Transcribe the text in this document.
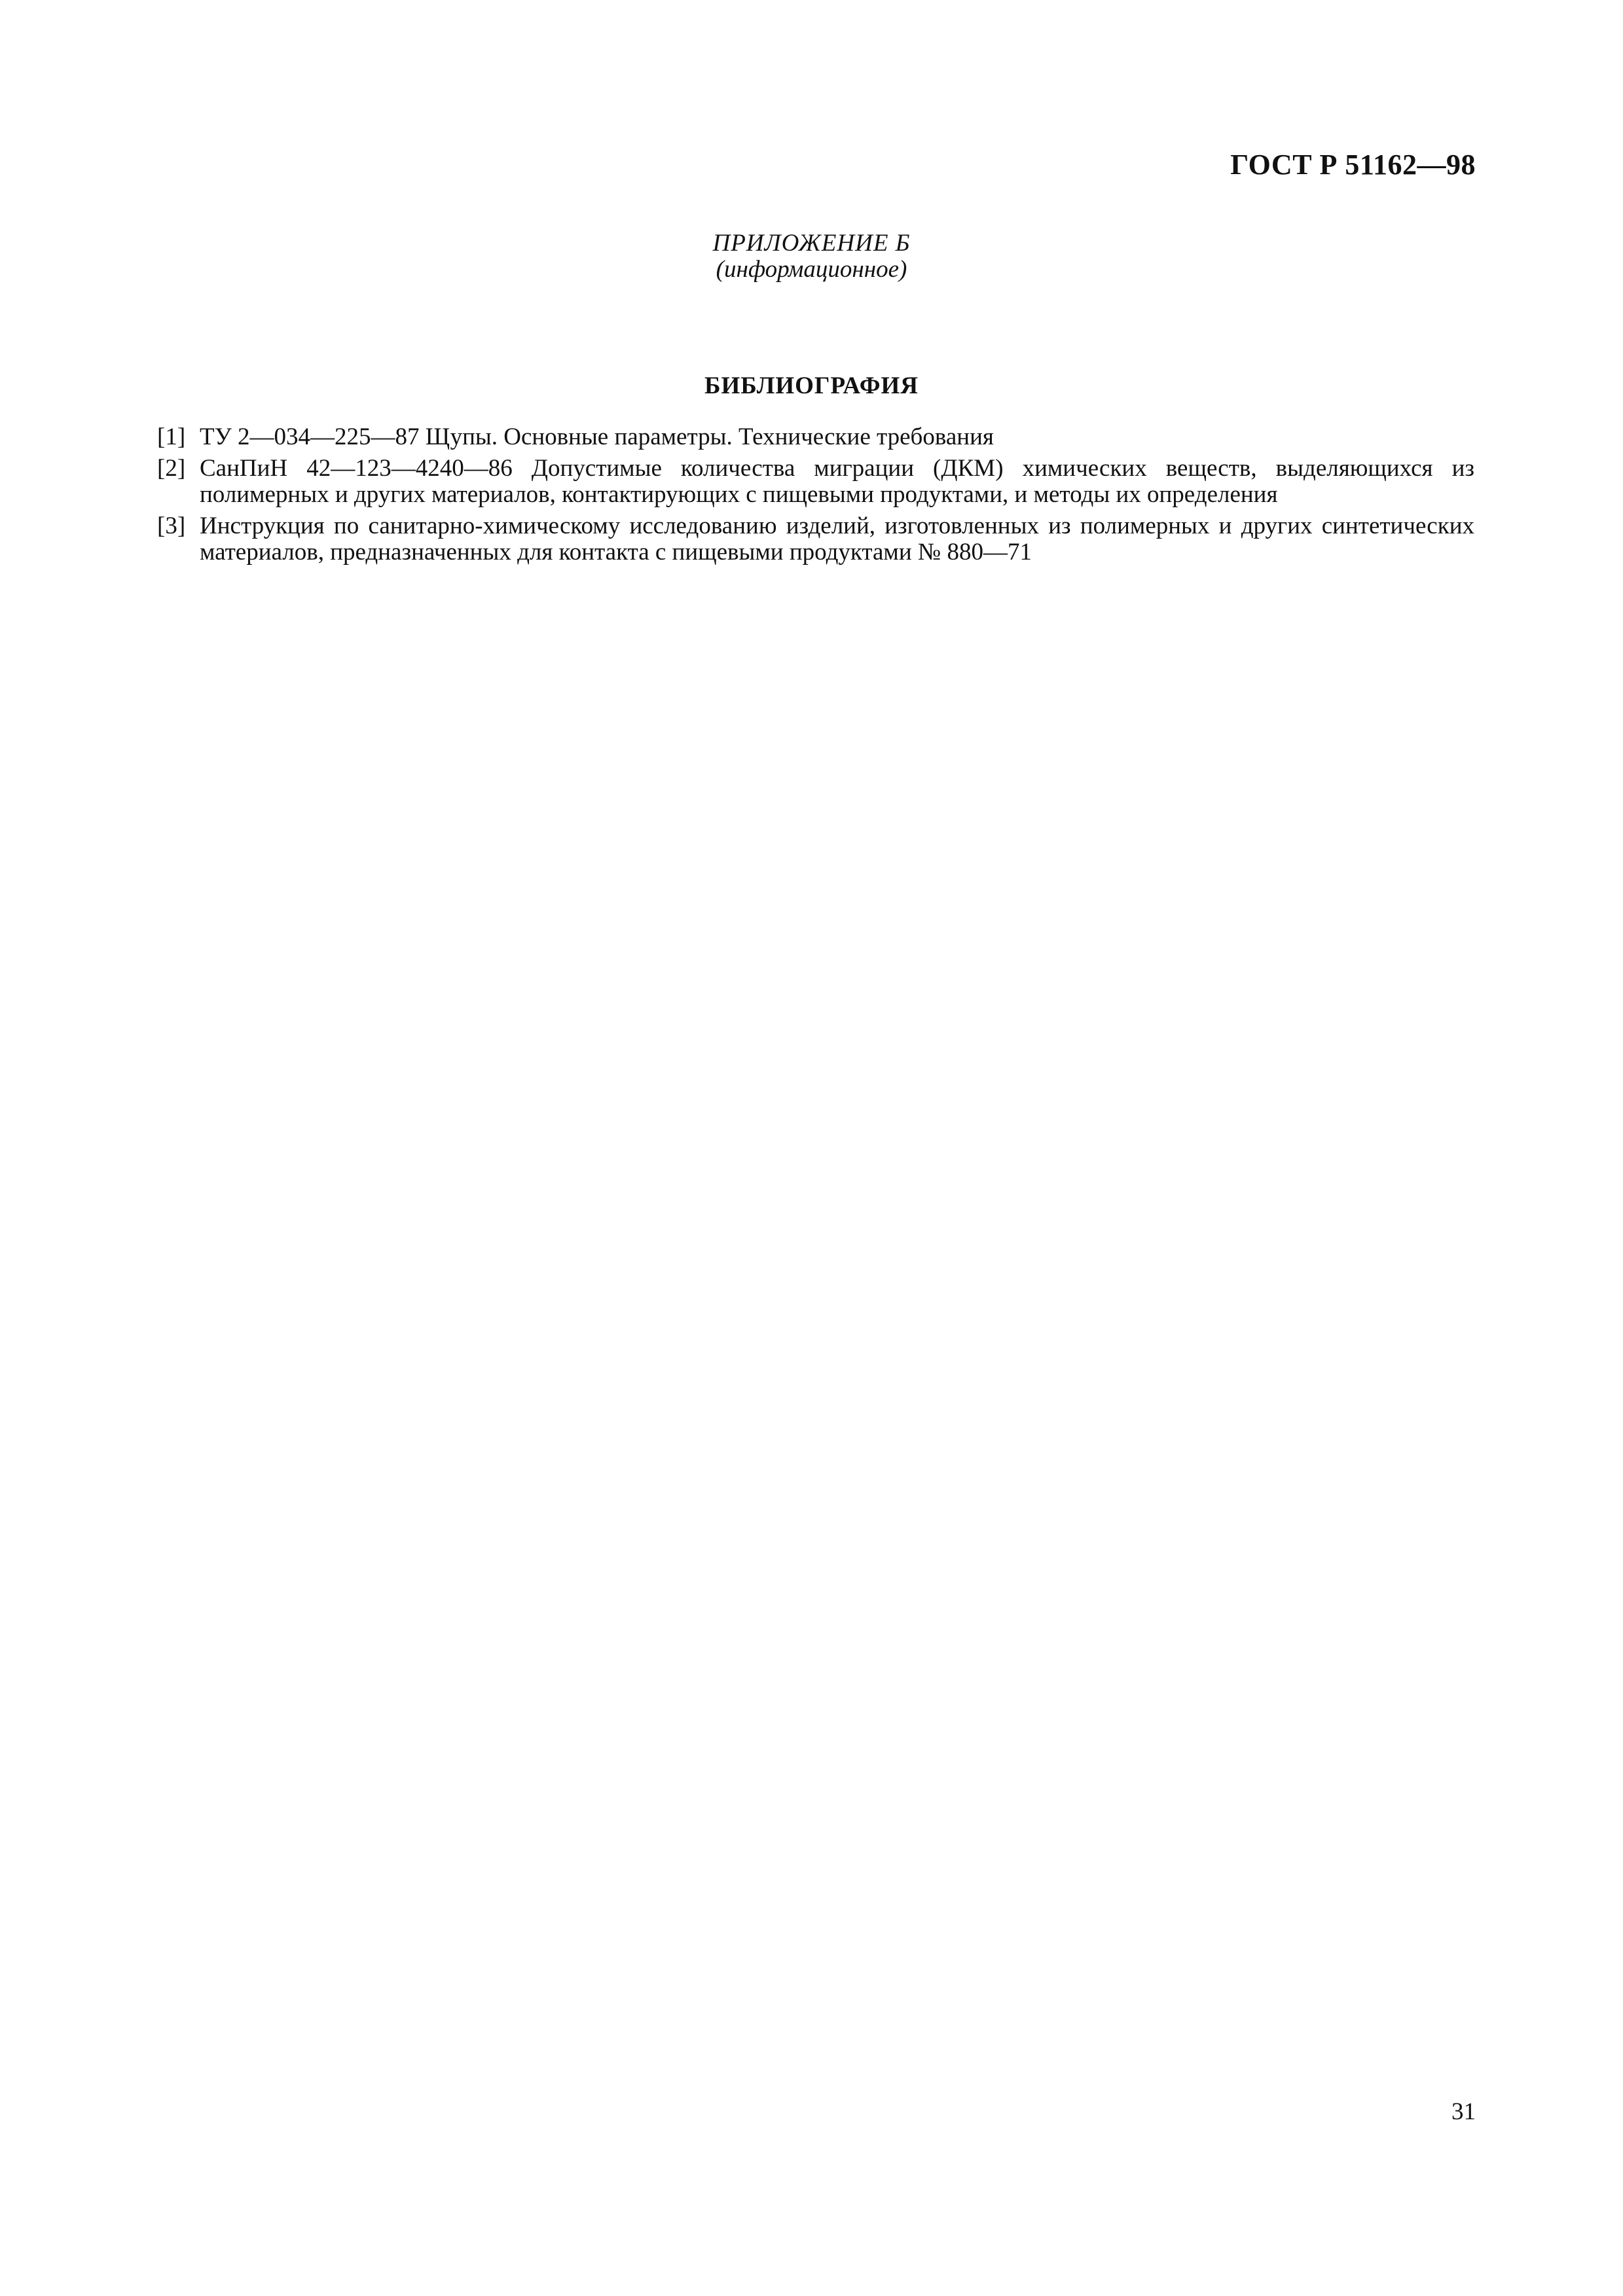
ГОСТ Р 51162—98
ПРИЛОЖЕНИЕ Б
(информационное)
БИБЛИОГРАФИЯ
[1] ТУ 2—034—225—87 Щупы. Основные параметры. Технические требования
[2] СанПиН 42—123—4240—86 Допустимые количества миграции (ДКМ) химических веществ, выделяющихся из полимерных и других материалов, контактирующих с пищевыми продуктами, и методы их определения
[3] Инструкция по санитарно-химическому исследованию изделий, изготовленных из полимерных и других синтетических материалов, предназначенных для контакта с пищевыми продуктами № 880—71
31
